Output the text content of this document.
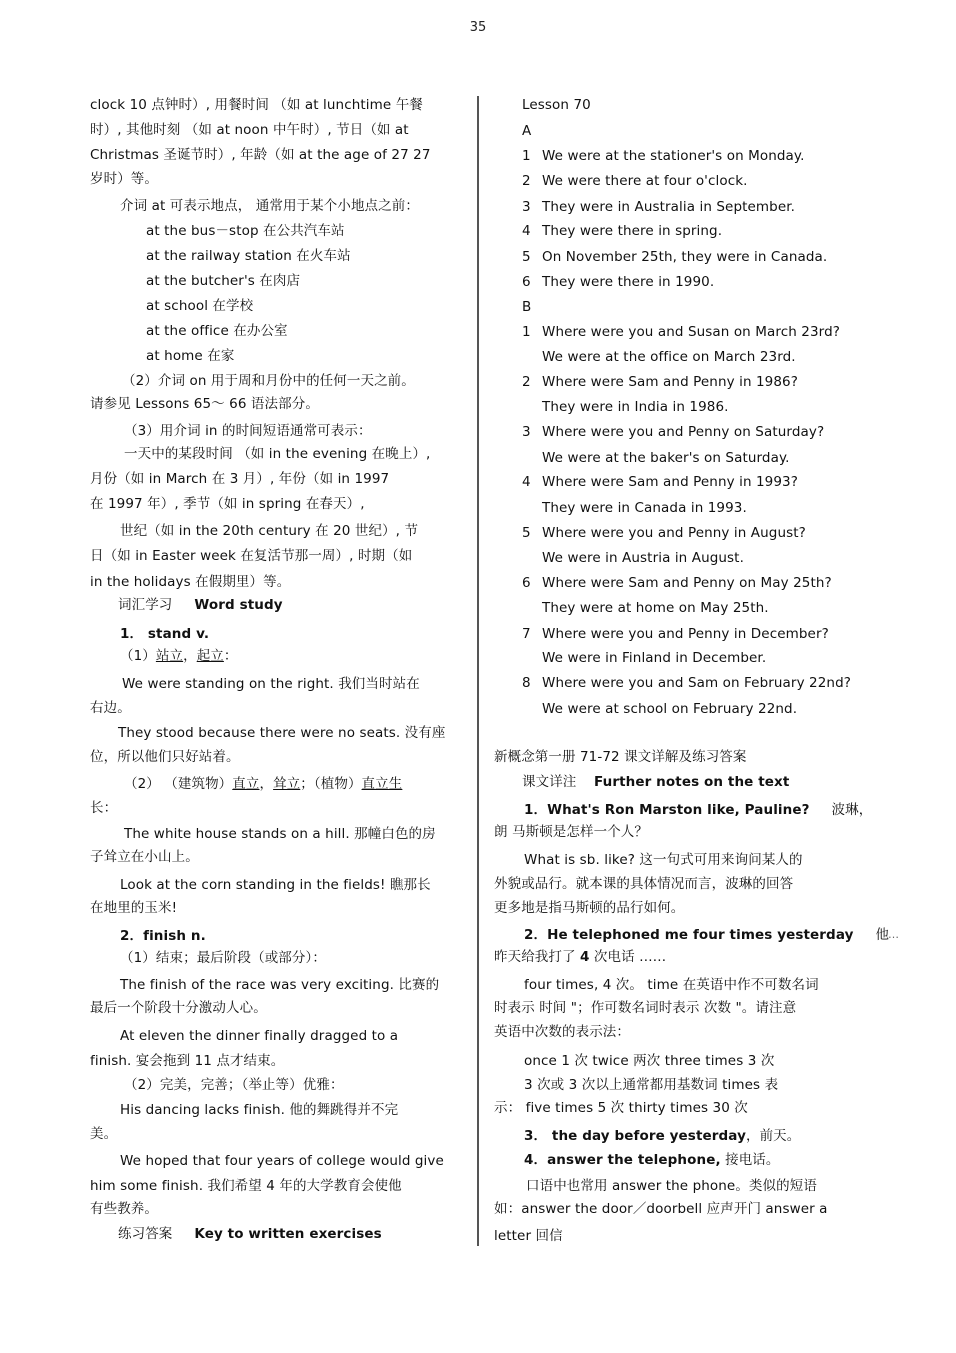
35
clock 10 点钟时）, 用餐时间 （如 at lunchtime 午餐
时）, 其他时刻 （如 at noon 中午时）, 节日（如 at
Christmas 圣诞节时）, 年龄（如 at the age of 27 27
岁时）等。
介词 at 可表示地点， 通常用于某个小地点之前：
at the bus－stop 在公共汽车站
at the railway station 在火车站
at the butcher's 在肉店
at school 在学校
at the office 在办公室
at home 在家
（2）介词 on 用于周和月份中的任何一天之前。
请参见 Lessons 65～ 66 语法部分。
（3）用介词 in 的时间短语通常可表示：
一天中的某段时间 （如 in the evening 在晚上）,
月份（如 in March 在 3 月）, 年份（如 in 1997
在 1997 年）, 季节（如 in spring 在春天）,
世纪（如 in the 20th century 在 20 世纪）, 节
日（如 in Easter week 在复活节那一周）, 时期（如
in the holidays 在假期里）等。
词汇学习 Word study
1． stand v.
（1）站立，起立：
We were standing on the right. 我们当时站在
右边。
They stood because there were no seats. 没有座
位，所以他们只好站着。
（2） （建筑物）直立，耸立；（植物）直立生
长：
The white house stands on a hill. 那幢白色的房
子耸立在小山上。
Look at the corn standing in the fields! 瞧那长
在地里的玉米!
2．finish n.
（1）结束；最后阶段（或部分）：
The finish of the race was very exciting. 比赛的
最后一个阶段十分激动人心。
At eleven the dinner finally dragged to a
finish. 宴会拖到 11 点才结束。
（2）完美，完善；（举止等）优雅：
His dancing lacks finish. 他的舞跳得并不完
美。
We hoped that four years of college would give
him some finish. 我们希望 4 年的大学教育会使他
有些教养。
练习答案 Key to written exercises
Lesson 70
A
1 We were at the stationer's on Monday.
2 We were there at four o'clock.
3 They were in Australia in September.
4 They were there in spring.
5 On November 25th, they were in Canada.
6 They were there in 1990.
B
1 Where were you and Susan on March 23rd?
We were at the office on March 23rd.
2 Where were Sam and Penny in 1986?
They were in India in 1986.
3 Where were you and Penny on Saturday?
We were at the baker's on Saturday.
4 Where were Sam and Penny in 1993?
They were in Canada in 1993.
5 Where were you and Penny in August?
We were in Austria in August.
6 Where were Sam and Penny on May 25th?
They were at home on May 25th.
7 Where were you and Penny in December?
We were in Finland in December.
8 Where were you and Sam on February 22nd?
We were at school on February 22nd.
新概念第一册 71-72 课文详解及练习答案
课文详注 Further notes on the text
1．What's Ron Marston like, Pauline? 波琳，
朗 马斯顿是怎样一个人？
What is sb. like? 这一句式可用来询问某人的
外貌或品行。就本课的具体情况而言，波琳的回答
更多地是指马斯顿的品行如何。
2．He telephoned me four times yesterday 他
…
昨天给我打了 4 次电话 ……
four times, 4 次。 time 在英语中作不可数名词
时表示 时间 "；作可数名词时表示 次数 "。请注意
英语中次数的表示法：
once 1 次 twice 两次 three times 3 次
3 次或 3 次以上通常都用基数词 times 表
示： five times 5 次 thirty times 30 次
3． the day before yesterday，前天。
4．answer the telephone, 接电话。
口语中也常用 answer the phone。类似的短语
如：answer the door／doorbell 应声开门 answer a
letter 回信
